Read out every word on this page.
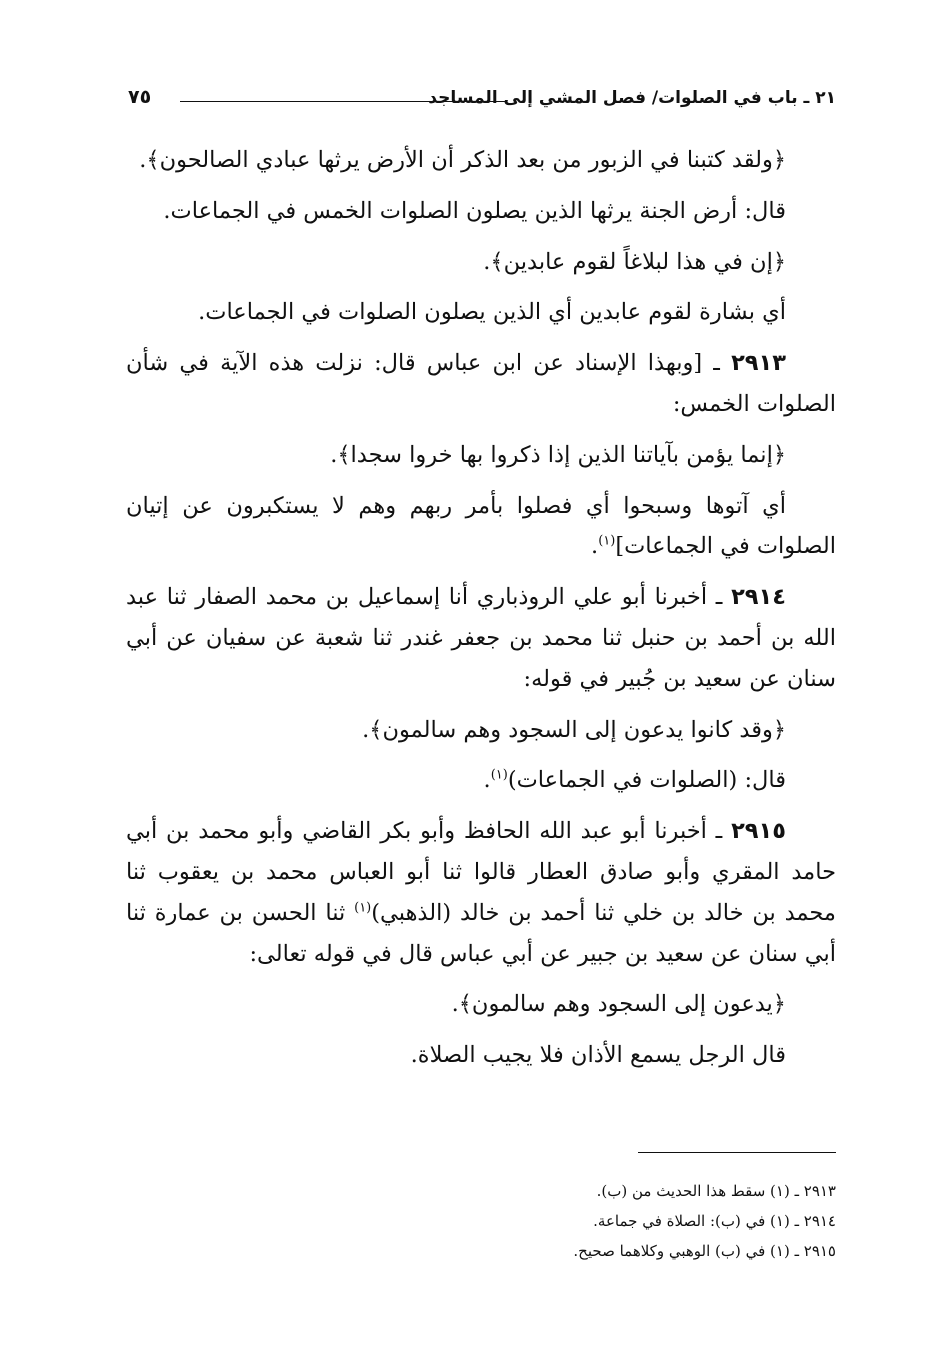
٢١ ـ باب في الصلوات/ فصل المشي إلى المساجد
٧٥

﴿ولقد كتبنا في الزبور من بعد الذكر أن الأرض يرثها عبادي الصالحون﴾.

قال: أرض الجنة يرثها الذين يصلون الصلوات الخمس في الجماعات.

﴿إن في هذا لبلاغاً لقوم عابدين﴾.

أي بشارة لقوم عابدين أي الذين يصلون الصلوات في الجماعات.

٢٩١٣ ـ [وبهذا الإسناد عن ابن عباس قال: نزلت هذه الآية في شأن الصلوات الخمس:

﴿إنما يؤمن بآياتنا الذين إذا ذكروا بها خروا سجدا﴾.

أي آتوها وسبحوا أي فصلوا بأمر ربهم وهم لا يستكبرون عن إتيان الصلوات في الجماعات]$^{(١)}$.

٢٩١٤ ـ أخبرنا أبو علي الروذباري أنا إسماعيل بن محمد الصفار ثنا عبد الله بن أحمد بن حنبل ثنا محمد بن جعفر غندر ثنا شعبة عن سفيان عن أبي سنان عن سعيد بن جُبير في قوله:

﴿وقد كانوا يدعون إلى السجود وهم سالمون﴾.

قال: (الصلوات في الجماعات)$^{(١)}$.

٢٩١٥ ـ أخبرنا أبو عبد الله الحافظ وأبو بكر القاضي وأبو محمد بن أبي حامد المقري وأبو صادق العطار قالوا ثنا أبو العباس محمد بن يعقوب ثنا محمد بن خالد بن خلي ثنا أحمد بن خالد (الذهبي)$^{(١)}$ ثنا الحسن بن عمارة ثنا أبي سنان عن سعيد بن جبير عن أبي عباس قال في قوله تعالى:

﴿يدعون إلى السجود وهم سالمون﴾.

قال الرجل يسمع الأذان فلا يجيب الصلاة.

٢٩١٣ ـ (١) سقط هذا الحديث من (ب).

٢٩١٤ ـ (١) في (ب): الصلاة في جماعة.

٢٩١٥ ـ (١) في (ب) الوهبي وكلاهما صحيح.
